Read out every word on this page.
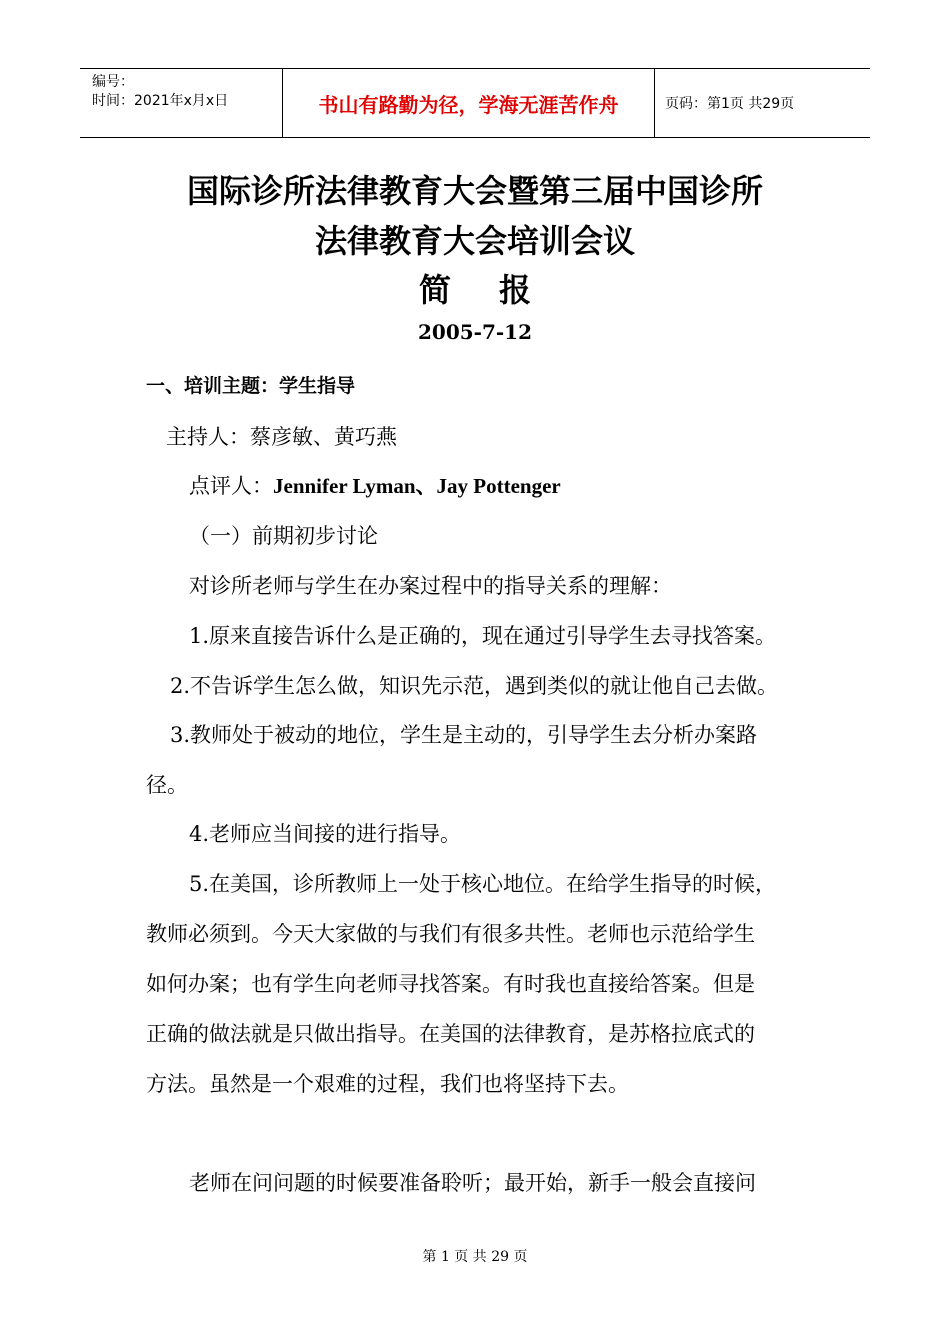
编号：
时间：2021年x月x日	书山有路勤为径，学海无涯苦作舟	页码：第1页 共29页
国际诊所法律教育大会暨第三届中国诊所
法律教育大会培训会议
简报
2005-7-12
一、培训主题：学生指导
主持人：蔡彦敏、黄巧燕
点评人：Jennifer Lyman、Jay Pottenger
（一）前期初步讨论
对诊所老师与学生在办案过程中的指导关系的理解：
1.原来直接告诉什么是正确的，现在通过引导学生去寻找答案。
2.不告诉学生怎么做，知识先示范，遇到类似的就让他自己去做。
3.教师处于被动的地位，学生是主动的，引导学生去分析办案路
径。
4.老师应当间接的进行指导。
5.在美国，诊所教师上一处于核心地位。在给学生指导的时候，
教师必须到。今天大家做的与我们有很多共性。老师也示范给学生
如何办案；也有学生向老师寻找答案。有时我也直接给答案。但是
正确的做法就是只做出指导。在美国的法律教育，是苏格拉底式的
方法。虽然是一个艰难的过程，我们也将坚持下去。
老师在问问题的时候要准备聆听；最开始，新手一般会直接问
第 1 页 共 29 页
